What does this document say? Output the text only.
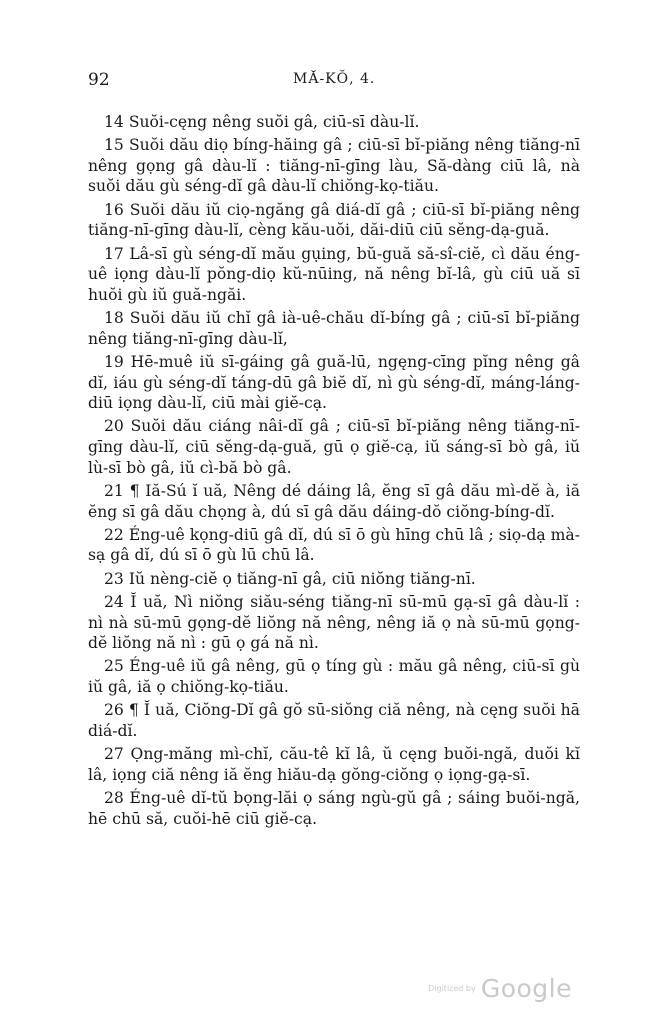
92	MĂ-KŎ, 4.

14 Suŏi-cęng nêng suŏi gâ, ciū-sī dàu-lĭ.

15 Suŏi dău diọ bíng-hăing gâ ; ciū-sī bĭ-piăng nêng tiăng-nī nêng gọng gâ dàu-lĭ : tiăng-nī-gīng làu, Să-dàng ciū lâ, nà suŏi dău gù séng-dĭ gâ dàu-lĭ chiŏng-kọ-tiău.

16 Suŏi dău iŭ ciọ-ngăng gâ diá-dĭ gâ ; ciū-sī bĭ-piăng nêng tiăng-nī-gīng dàu-lĭ, cèng kău-uŏi, dăi-diū ciū sĕng-dạ-guă.

17 Lâ-sī gù séng-dĭ mău gụing, bŭ-guă să-sî-ciĕ, cì dău éng-uê iọng dàu-lĭ pŏng-diọ kŭ-nūing, nă nêng bĭ-lâ, gù ciū uă sī huŏi gù iŭ guă-ngăi.

18 Suŏi dău iŭ chĭ gâ ià-uê-chău dĭ-bíng gâ ; ciū-sī bĭ-piăng nêng tiăng-nī-gīng dàu-lĭ,

19 Hē-muê iŭ sī-gáing gâ guă-lū, ngęng-cīng pĭng nêng gâ dĭ, iáu gù séng-dĭ táng-dū gâ biĕ dĭ, nì gù séng-dĭ, máng-láng-diū iọng dàu-lĭ, ciū mài giĕ-cạ.

20 Suŏi dău ciáng nâi-dĭ gâ ; ciū-sī bĭ-piăng nêng tiăng-nī-gīng dàu-lĭ, ciū sĕng-dạ-guă, gū ọ giĕ-cạ, iŭ sáng-sī bò gâ, iŭ lù-sī bò gâ, iŭ cì-bă bò gâ.

21 ¶ Iă-Sú ĭ uă, Nêng dé dáing lâ, ĕng sī gâ dău mì-dĕ à, iă ĕng sī gâ dău chọng à, dú sī gâ dău dáing-dŏ ciŏng-bíng-dĭ.

22 Éng-uê kọng-diū gâ dĭ, dú sī ō gù hīng chū lâ ; siọ-dạ mà-sạ gâ dĭ, dú sī ō gù lū chū lâ.

23 Iŭ nèng-ciĕ ọ tiăng-nī gâ, ciū niŏng tiăng-nī.

24 Ĭ uă, Nì niŏng siău-séng tiăng-nī sū-mū gạ-sī gâ dàu-lĭ : nì nà sū-mū gọng-dĕ liŏng nă nêng, nêng iă ọ nà sū-mū gọng-dĕ liŏng nă nì : gū ọ gá nă nì.

25 Éng-uê iŭ gâ nêng, gū ọ tíng gù : mău gâ nêng, ciū-sī gù iŭ gâ, iă ọ chiŏng-kọ-tiău.

26 ¶ Ĭ uă, Ciŏng-Dĭ gâ gŏ sū-siŏng ciă nêng, nà cęng suŏi hā diá-dĭ.

27 Ọng-măng mì-chĭ, cău-tê kĭ lâ, ŭ cęng buŏi-ngă, duŏi kĭ lâ, iọng ciă nêng iă ĕng hiău-dạ gŏng-ciŏng ọ iọng-gạ-sī.

28 Éng-uê dĭ-tŭ bọng-lăi ọ sáng ngù-gŭ gâ ; sáing buŏi-ngă, hē chū să, cuŏi-hē ciū giĕ-cạ.

Digitized by Google
